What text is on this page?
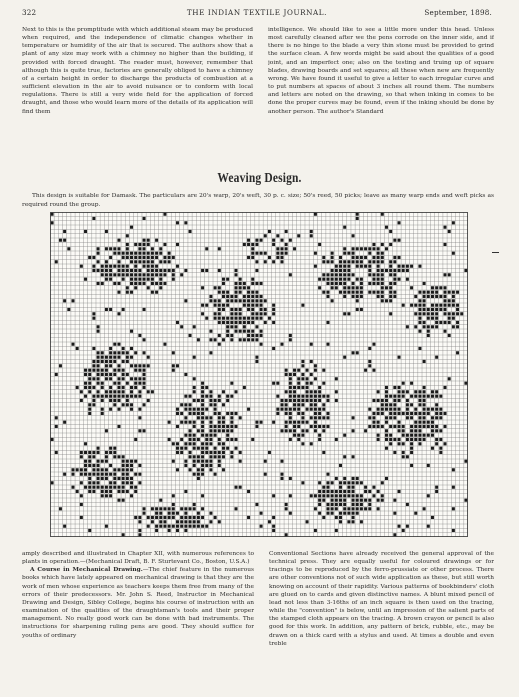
322	THE INDIAN TEXTILE JOURNAL.	September, 1898.

Next to this is the promptitude with which additional steam may be produced when required, and the independence of climatic changes whether in temperature or humidity of the air that is secured. The authors show that a plant of any size may work with a chimney no higher than the building, if provided with forced draught. The reader must, however, remember that although this is quite true, factories are generally obliged to have a chimney of a certain height in order to discharge the products of combustion at a sufficient elevation in the air to avoid nuisance or to conform with local regulations. There is still a very wide field for the application of forced draught, and those who would learn more of the details of its application will find them

intelligence. We should like to see a little more under this head. Unless most carefully cleaned after we the pens corrode on the inner side, and if there is no hinge to the blade a very thin stone must be provided to grind the surface clean. A few words might be said about the qualities of a good joint, and an imperfect one; also on the testing and truing up of square blades, drawing boards and set squares; all these when new are frequently wrong. We have found it useful to give a letter to each irregular curve and to put numbers at spaces of about 3 inches all round them. The numbers and letters are noted on the drawing, so that when inking in comes to be done the proper curves may be found, even if the inking should be done by another person. The author's Standard

Weaving Design.
This design is suitable for Damask. The particulars are 20's warp, 20's weft, 30 p. c. size; 50's reed, 50 picks; leave as many warp ends and weft picks as required round the group.

amply described and illustrated in Chapter XII, with numerous references to plants in operation.—(Mechanical Draft, B. F. Sturtevant Co., Boston, U.S.A.)

A Course in Mechanical Drawing.—The chief feature in the numerous books which have lately appeared on mechanical drawing is that they are the work of men whose experience as teachers keeps them free from many of the errors of their predecessors. Mr. John S. Reed, Instructor in Mechanical Drawing and Design, Sibley College, begins his course of instruction with an examination of the qualities of the draughtsman's tools and their proper management. No really good work can be done with bad instruments. The instructions for sharpening ruling pens are good. They should suffice for youths of ordinary

Conventional Sections have already received the general approval of the technical press. They are equally useful for coloured drawings or for tracings to be reproduced by the ferro-prussiate or other process. There are other conventions not of such wide application as these, but still worth knowing on account of their rapidity. Various patterns of bookbinders' cloth are glued on to cards and given distinctive names. A blunt mixed pencil of lead not less than 3-16ths of an inch square is then used on the tracing, while the "convention" is below, until an impression of the salient parts of the stamped cloth appears on the tracing. A brown crayon or pencil is also good for this work. In addition, any pattern of brick, rubble, etc., may be drawn on a thick card with a stylus and used. At times a double and even treble
